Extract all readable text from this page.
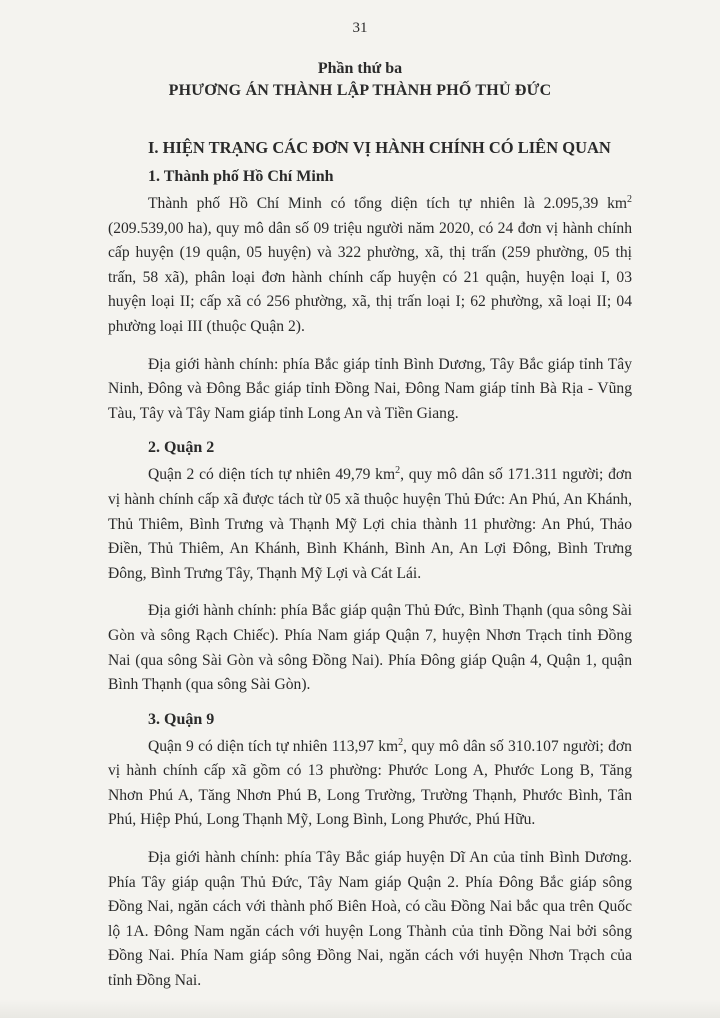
31
Phần thứ ba
PHƯƠNG ÁN THÀNH LẬP THÀNH PHỐ THỦ ĐỨC
I. HIỆN TRẠNG CÁC ĐƠN VỊ HÀNH CHÍNH CÓ LIÊN QUAN
1. Thành phố Hồ Chí Minh

Thành phố Hồ Chí Minh có tổng diện tích tự nhiên là 2.095,39 $km^2$ (209.539,00 ha), quy mô dân số 09 triệu người năm 2020, có 24 đơn vị hành chính cấp huyện (19 quận, 05 huyện) và 322 phường, xã, thị trấn (259 phường, 05 thị trấn, 58 xã), phân loại đơn hành chính cấp huyện có 21 quận, huyện loại I, 03 huyện loại II; cấp xã có 256 phường, xã, thị trấn loại I; 62 phường, xã loại II; 04 phường loại III (thuộc Quận 2).

Địa giới hành chính: phía Bắc giáp tỉnh Bình Dương, Tây Bắc giáp tỉnh Tây Ninh, Đông và Đông Bắc giáp tỉnh Đồng Nai, Đông Nam giáp tỉnh Bà Rịa - Vũng Tàu, Tây và Tây Nam giáp tỉnh Long An và Tiền Giang.

2. Quận 2

Quận 2 có diện tích tự nhiên 49,79 $km^2$, quy mô dân số 171.311 người; đơn vị hành chính cấp xã được tách từ 05 xã thuộc huyện Thủ Đức: An Phú, An Khánh, Thủ Thiêm, Bình Trưng và Thạnh Mỹ Lợi chia thành 11 phường: An Phú, Thảo Điền, Thủ Thiêm, An Khánh, Bình Khánh, Bình An, An Lợi Đông, Bình Trưng Đông, Bình Trưng Tây, Thạnh Mỹ Lợi và Cát Lái.

Địa giới hành chính: phía Bắc giáp quận Thủ Đức, Bình Thạnh (qua sông Sài Gòn và sông Rạch Chiếc). Phía Nam giáp Quận 7, huyện Nhơn Trạch tỉnh Đồng Nai (qua sông Sài Gòn và sông Đồng Nai). Phía Đông giáp Quận 4, Quận 1, quận Bình Thạnh (qua sông Sài Gòn).

3. Quận 9

Quận 9 có diện tích tự nhiên 113,97 $km^2$, quy mô dân số 310.107 người; đơn vị hành chính cấp xã gồm có 13 phường: Phước Long A, Phước Long B, Tăng Nhơn Phú A, Tăng Nhơn Phú B, Long Trường, Trường Thạnh, Phước Bình, Tân Phú, Hiệp Phú, Long Thạnh Mỹ, Long Bình, Long Phước, Phú Hữu.

Địa giới hành chính: phía Tây Bắc giáp huyện Dĩ An của tỉnh Bình Dương. Phía Tây giáp quận Thủ Đức, Tây Nam giáp Quận 2. Phía Đông Bắc giáp sông Đồng Nai, ngăn cách với thành phố Biên Hoà, có cầu Đồng Nai bắc qua trên Quốc lộ 1A. Đông Nam ngăn cách với huyện Long Thành của tỉnh Đồng Nai bởi sông Đồng Nai. Phía Nam giáp sông Đồng Nai, ngăn cách với huyện Nhơn Trạch của tỉnh Đồng Nai.
